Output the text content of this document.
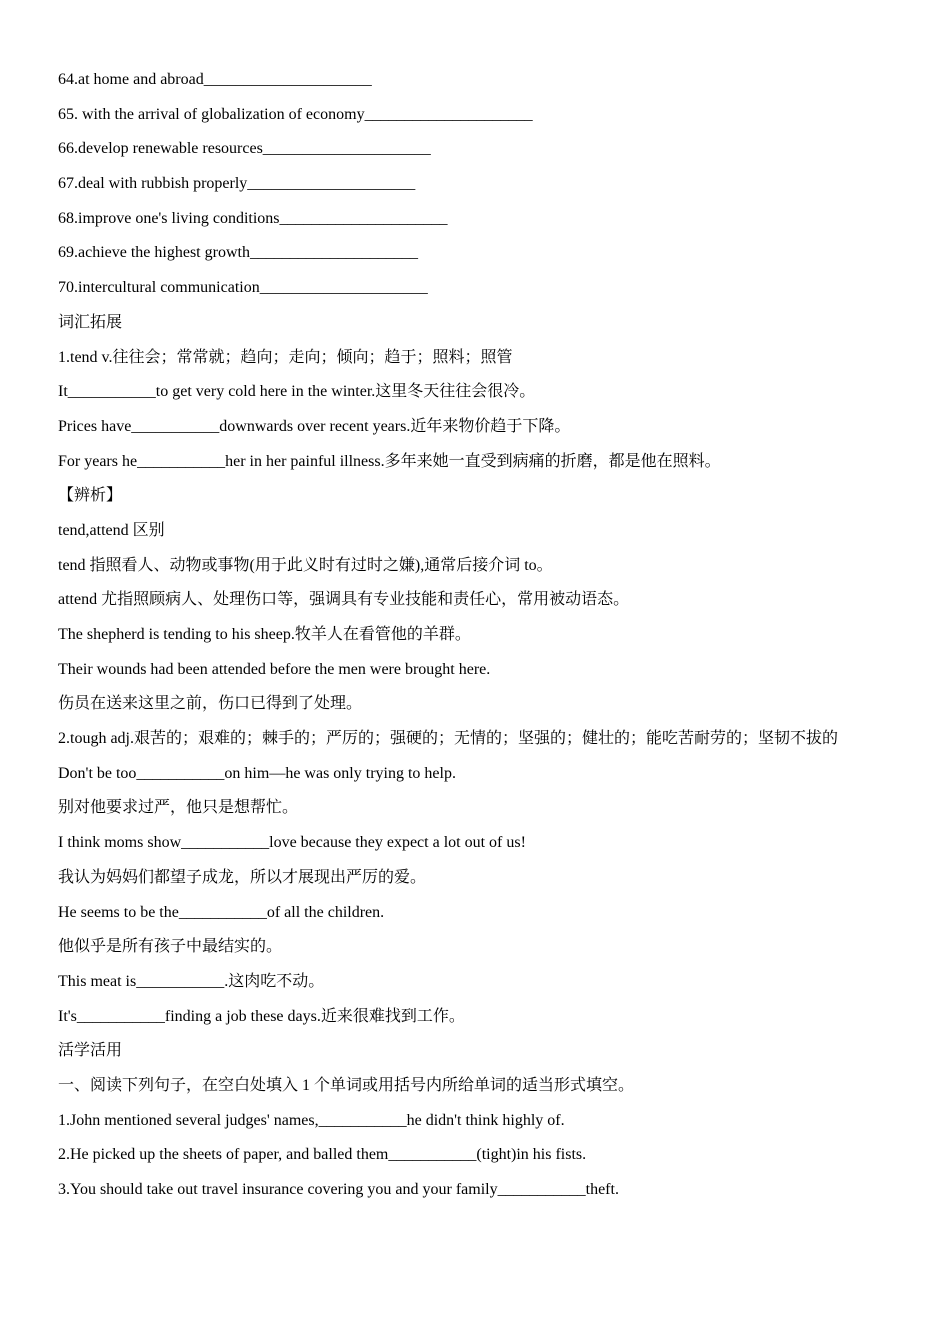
64.at home and abroad_____________________
65. with the arrival of globalization of economy_____________________
66.develop renewable resources_____________________
67.deal with rubbish properly_____________________
68.improve one's living conditions_____________________
69.achieve the highest growth_____________________
70.intercultural communication_____________________
词汇拓展
1.tend v.往往会；常常就；趋向；走向；倾向；趋于；照料；照管
It___________to get very cold here in the winter.这里冬天往往会很冷。
Prices have___________downwards over recent years.近年来物价趋于下降。
For years he___________her in her painful illness.多年来她一直受到病痛的折磨，都是他在照料。
【辨析】
tend,attend 区别
tend 指照看人、动物或事物(用于此义时有过时之嫌),通常后接介词 to。
attend 尤指照顾病人、处理伤口等，强调具有专业技能和责任心，常用被动语态。
The shepherd is tending to his sheep.牧羊人在看管他的羊群。
Their wounds had been attended before the men were brought here.
伤员在送来这里之前，伤口已得到了处理。
2.tough adj.艰苦的；艰难的；棘手的；严厉的；强硬的；无情的；坚强的；健壮的；能吃苦耐劳的；坚韧不拔的
Don't be too___________on him—he was only trying to help.
别对他要求过严，他只是想帮忙。
I think moms show___________love because they expect a lot out of us!
我认为妈妈们都望子成龙，所以才展现出严厉的爱。
He seems to be the___________of all the children.
他似乎是所有孩子中最结实的。
This meat is___________.这肉吃不动。
It's___________finding a job these days.近来很难找到工作。
活学活用
一、阅读下列句子，在空白处填入 1 个单词或用括号内所给单词的适当形式填空。
1.John mentioned several judges' names,___________he didn't think highly of.
2.He picked up the sheets of paper, and balled them___________(tight)in his fists.
3.You should take out travel insurance covering you and your family___________theft.
